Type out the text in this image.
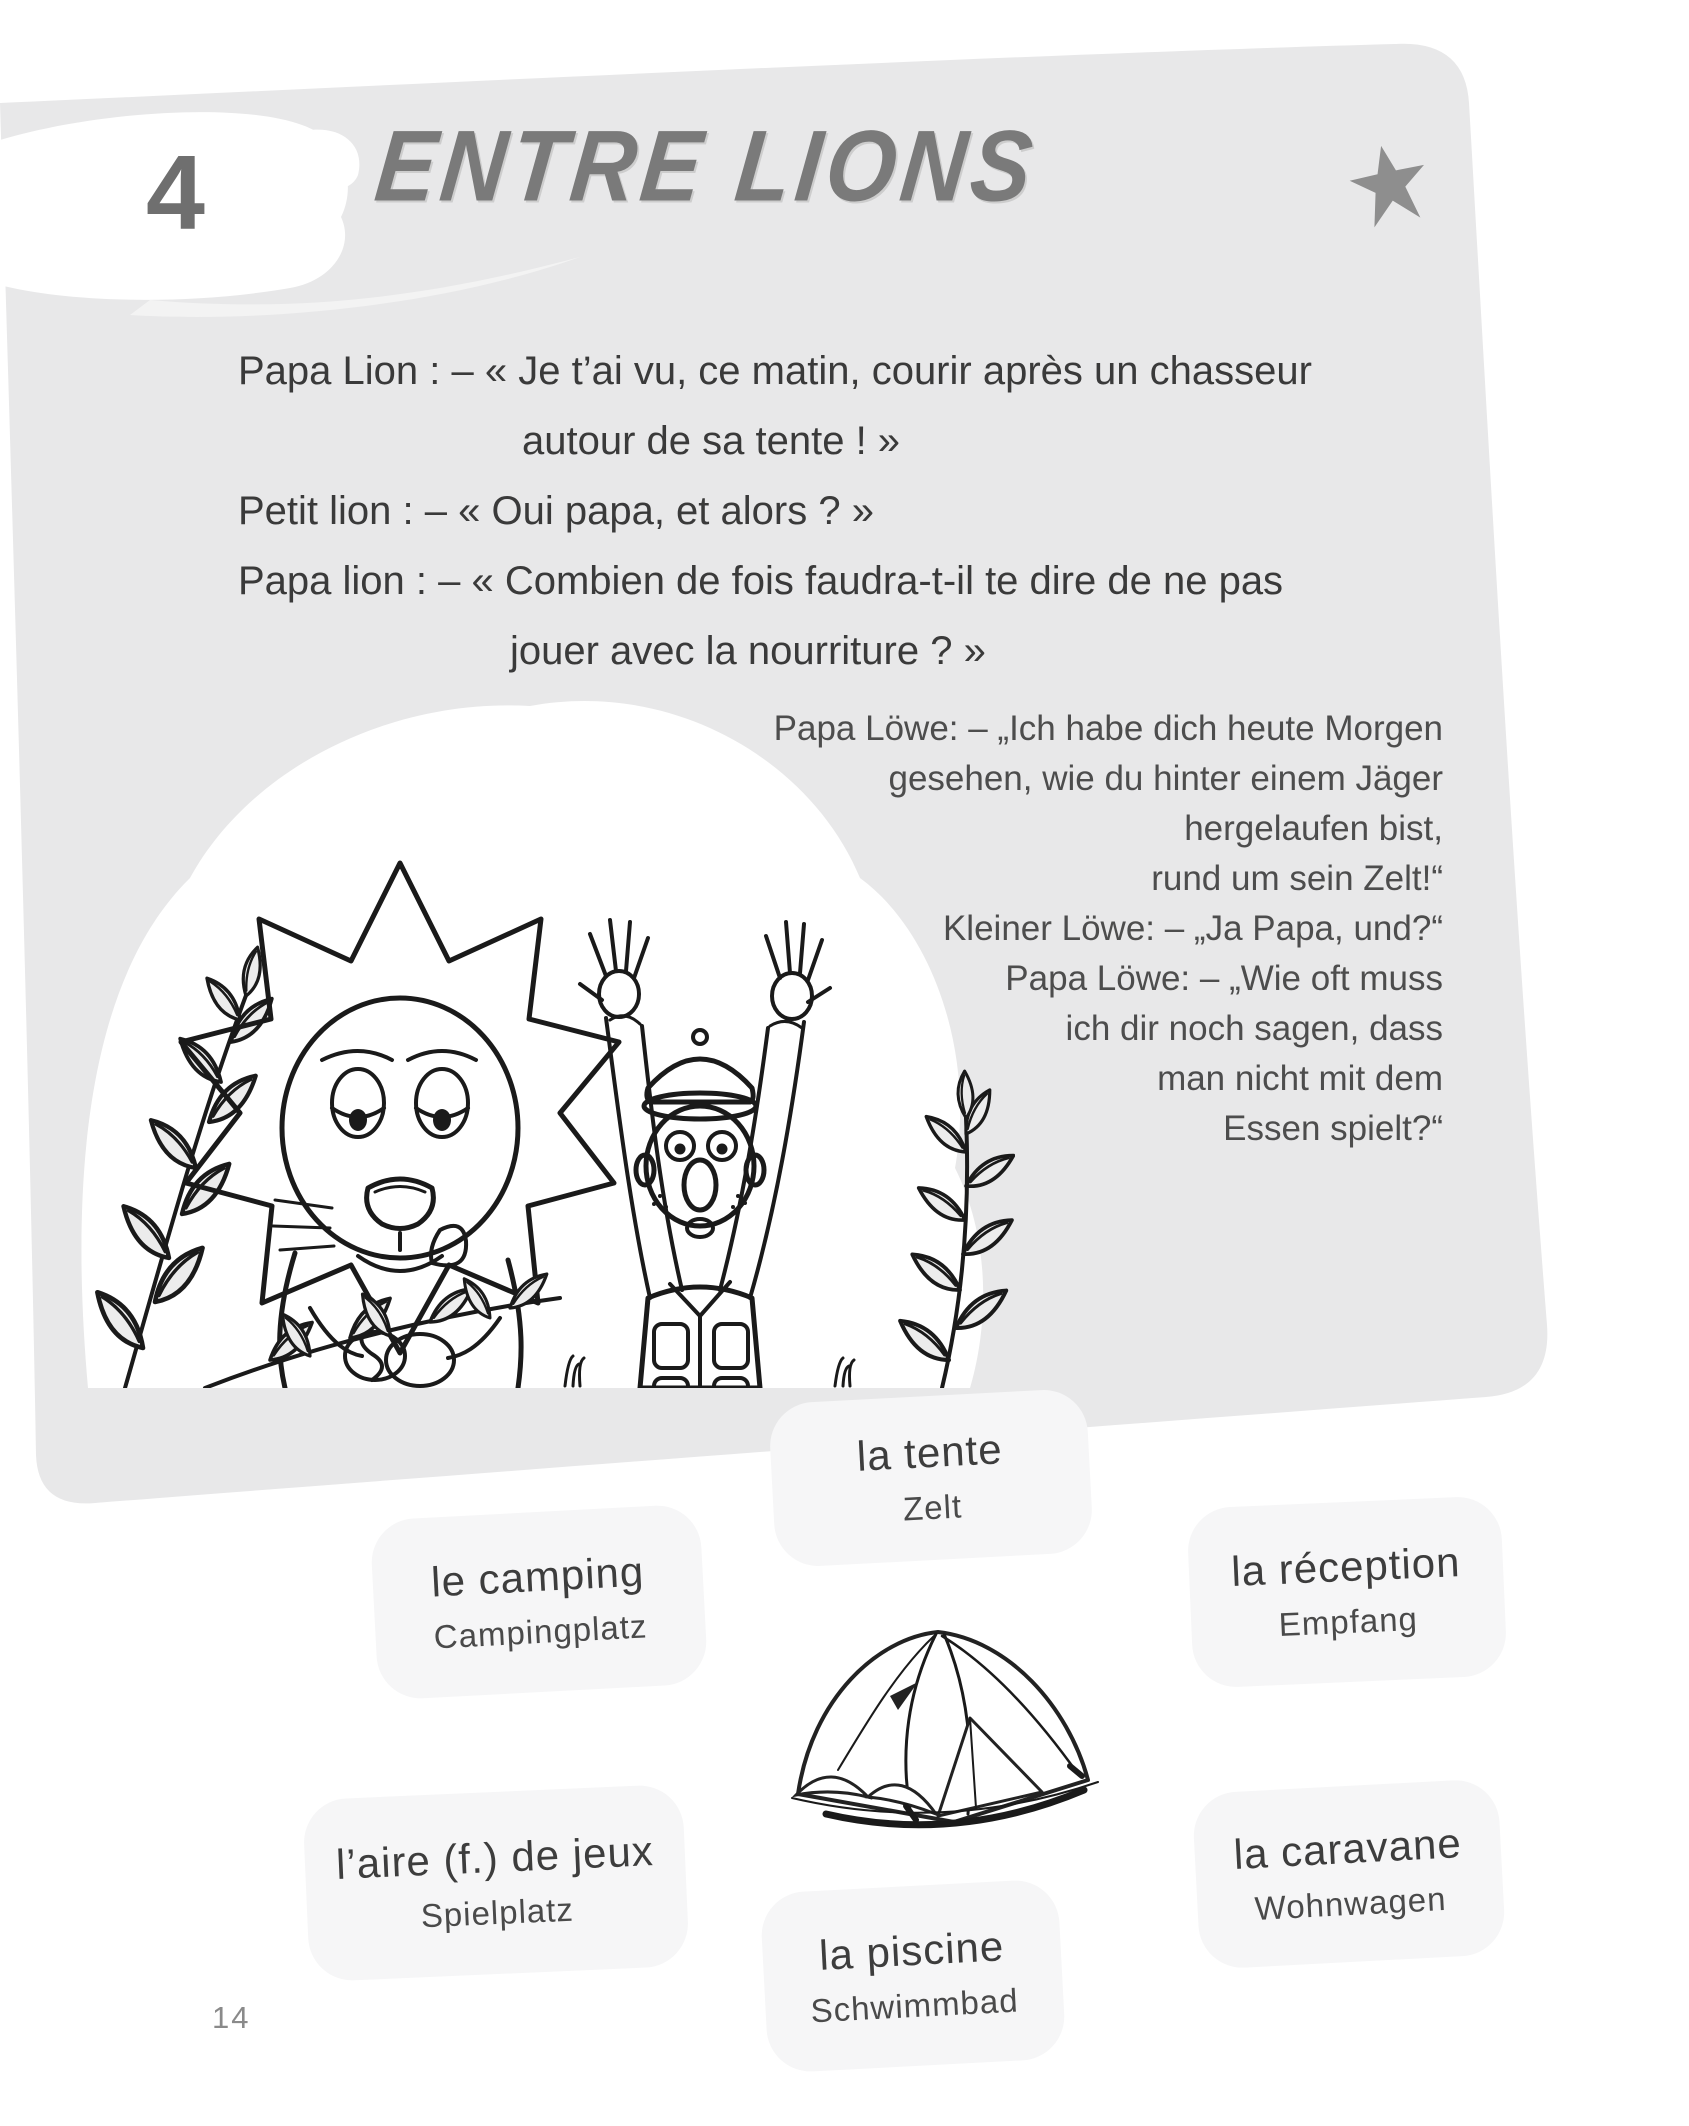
4 ENTRE LIONS
Papa Lion : – « Je t’ai vu, ce matin, courir après un chasseur
autour de sa tente ! »
Petit lion : – « Oui papa, et alors ? »
Papa lion : – « Combien de fois faudra-t-il te dire de ne pas
jouer avec la nourriture ? »
Papa Löwe: – „Ich habe dich heute Morgen
gesehen, wie du hinter einem Jäger
hergelaufen bist,
rund um sein Zelt!“
Kleiner Löwe: – „Ja Papa, und?“
Papa Löwe: – „Wie oft muss
ich dir noch sagen, dass
man nicht mit dem
Essen spielt?“
la tente
Zelt
le camping
Campingplatz
la réception
Empfang
l’aire (f.) de jeux
Spielplatz
la piscine
Schwimmbad
la caravane
Wohnwagen
14
